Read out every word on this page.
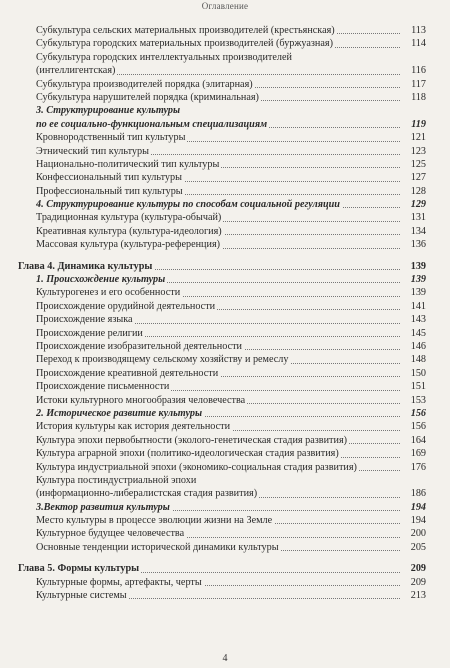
Оглавление
Субкультура сельских материальных производителей (крестьянская)	113
Субкультура городских материальных производителей (буржуазная)	114
Субкультура городских интеллектуальных производителей
(интеллигентская)	116
Субкультура производителей порядка (элитарная)	117
Субкультура нарушителей порядка (криминальная)	118
3. Структурирование культуры
по ее социально-функциональным специализациям	119
Кровнородственный тип культуры	121
Этнический тип культуры	123
Национально-политический тип культуры	125
Конфессиональный тип культуры	127
Профессиональный тип культуры	128
4. Структурирование культуры по способам социальной регуляции	129
Традиционная культура (культура-обычай)	131
Креативная культура (культура-идеология)	134
Массовая культура (культура-референция)	136
Глава 4. Динамика культуры	139
1. Происхождение культуры	139
Культурогенез и его особенности	139
Происхождение орудийной деятельности	141
Происхождение языка	143
Происхождение религии	145
Происхождение изобразительной деятельности	146
Переход к производящему сельскому хозяйству и ремеслу	148
Происхождение креативной деятельности	150
Происхождение письменности	151
Истоки культурного многообразия человечества	153
2. Историческое развитие культуры	156
История культуры как история деятельности	156
Культура эпохи первобытности (эколого-генетическая стадия развития)	164
Культура аграрной эпохи (политико-идеологическая стадия развития)	169
Культура индустриальной эпохи (экономико-социальная стадия развития)	176
Культура постиндустриальной эпохи
(информационно-либералистская стадия развития)	186
3.Вектор развития культуры	194
Место культуры в процессе эволюции жизни на Земле	194
Культурное будущее человечества	200
Основные тенденции исторической динамики культуры	205
Глава 5. Формы культуры	209
Культурные формы, артефакты, черты	209
Культурные системы	213
4
